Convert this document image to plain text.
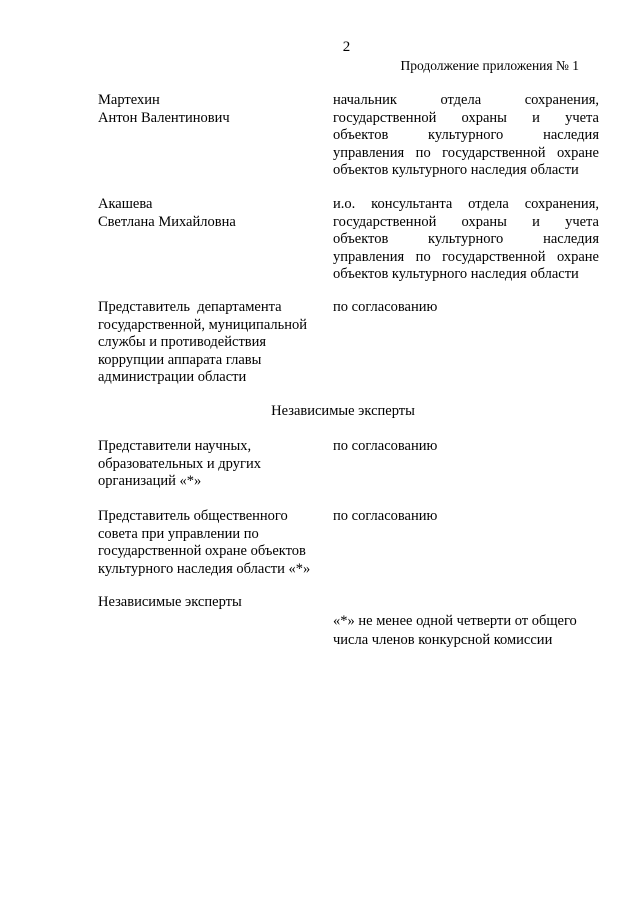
2
Продолжение приложения № 1
Мартехин
Антон Валентинович
начальник отдела сохранения,
государственной охраны и учета
объектов культурного наследия
управления по государственной охране
объектов культурного наследия области
Акашева
Светлана Михайловна
и.о. консультанта отдела сохранения,
государственной охраны и учета
объектов культурного наследия
управления по государственной охране
объектов культурного наследия области
Представитель  департамента
государственной, муниципальной
службы и противодействия
коррупции аппарата главы
администрации области
по согласованию
Независимые эксперты
Представители научных,
образовательных и других
организаций «*»
по согласованию
Представитель общественного
совета при управлении по
государственной охране объектов
культурного наследия области «*»
по согласованию
Независимые эксперты
«*» не менее одной четверти от общего
числа членов конкурсной комиссии
